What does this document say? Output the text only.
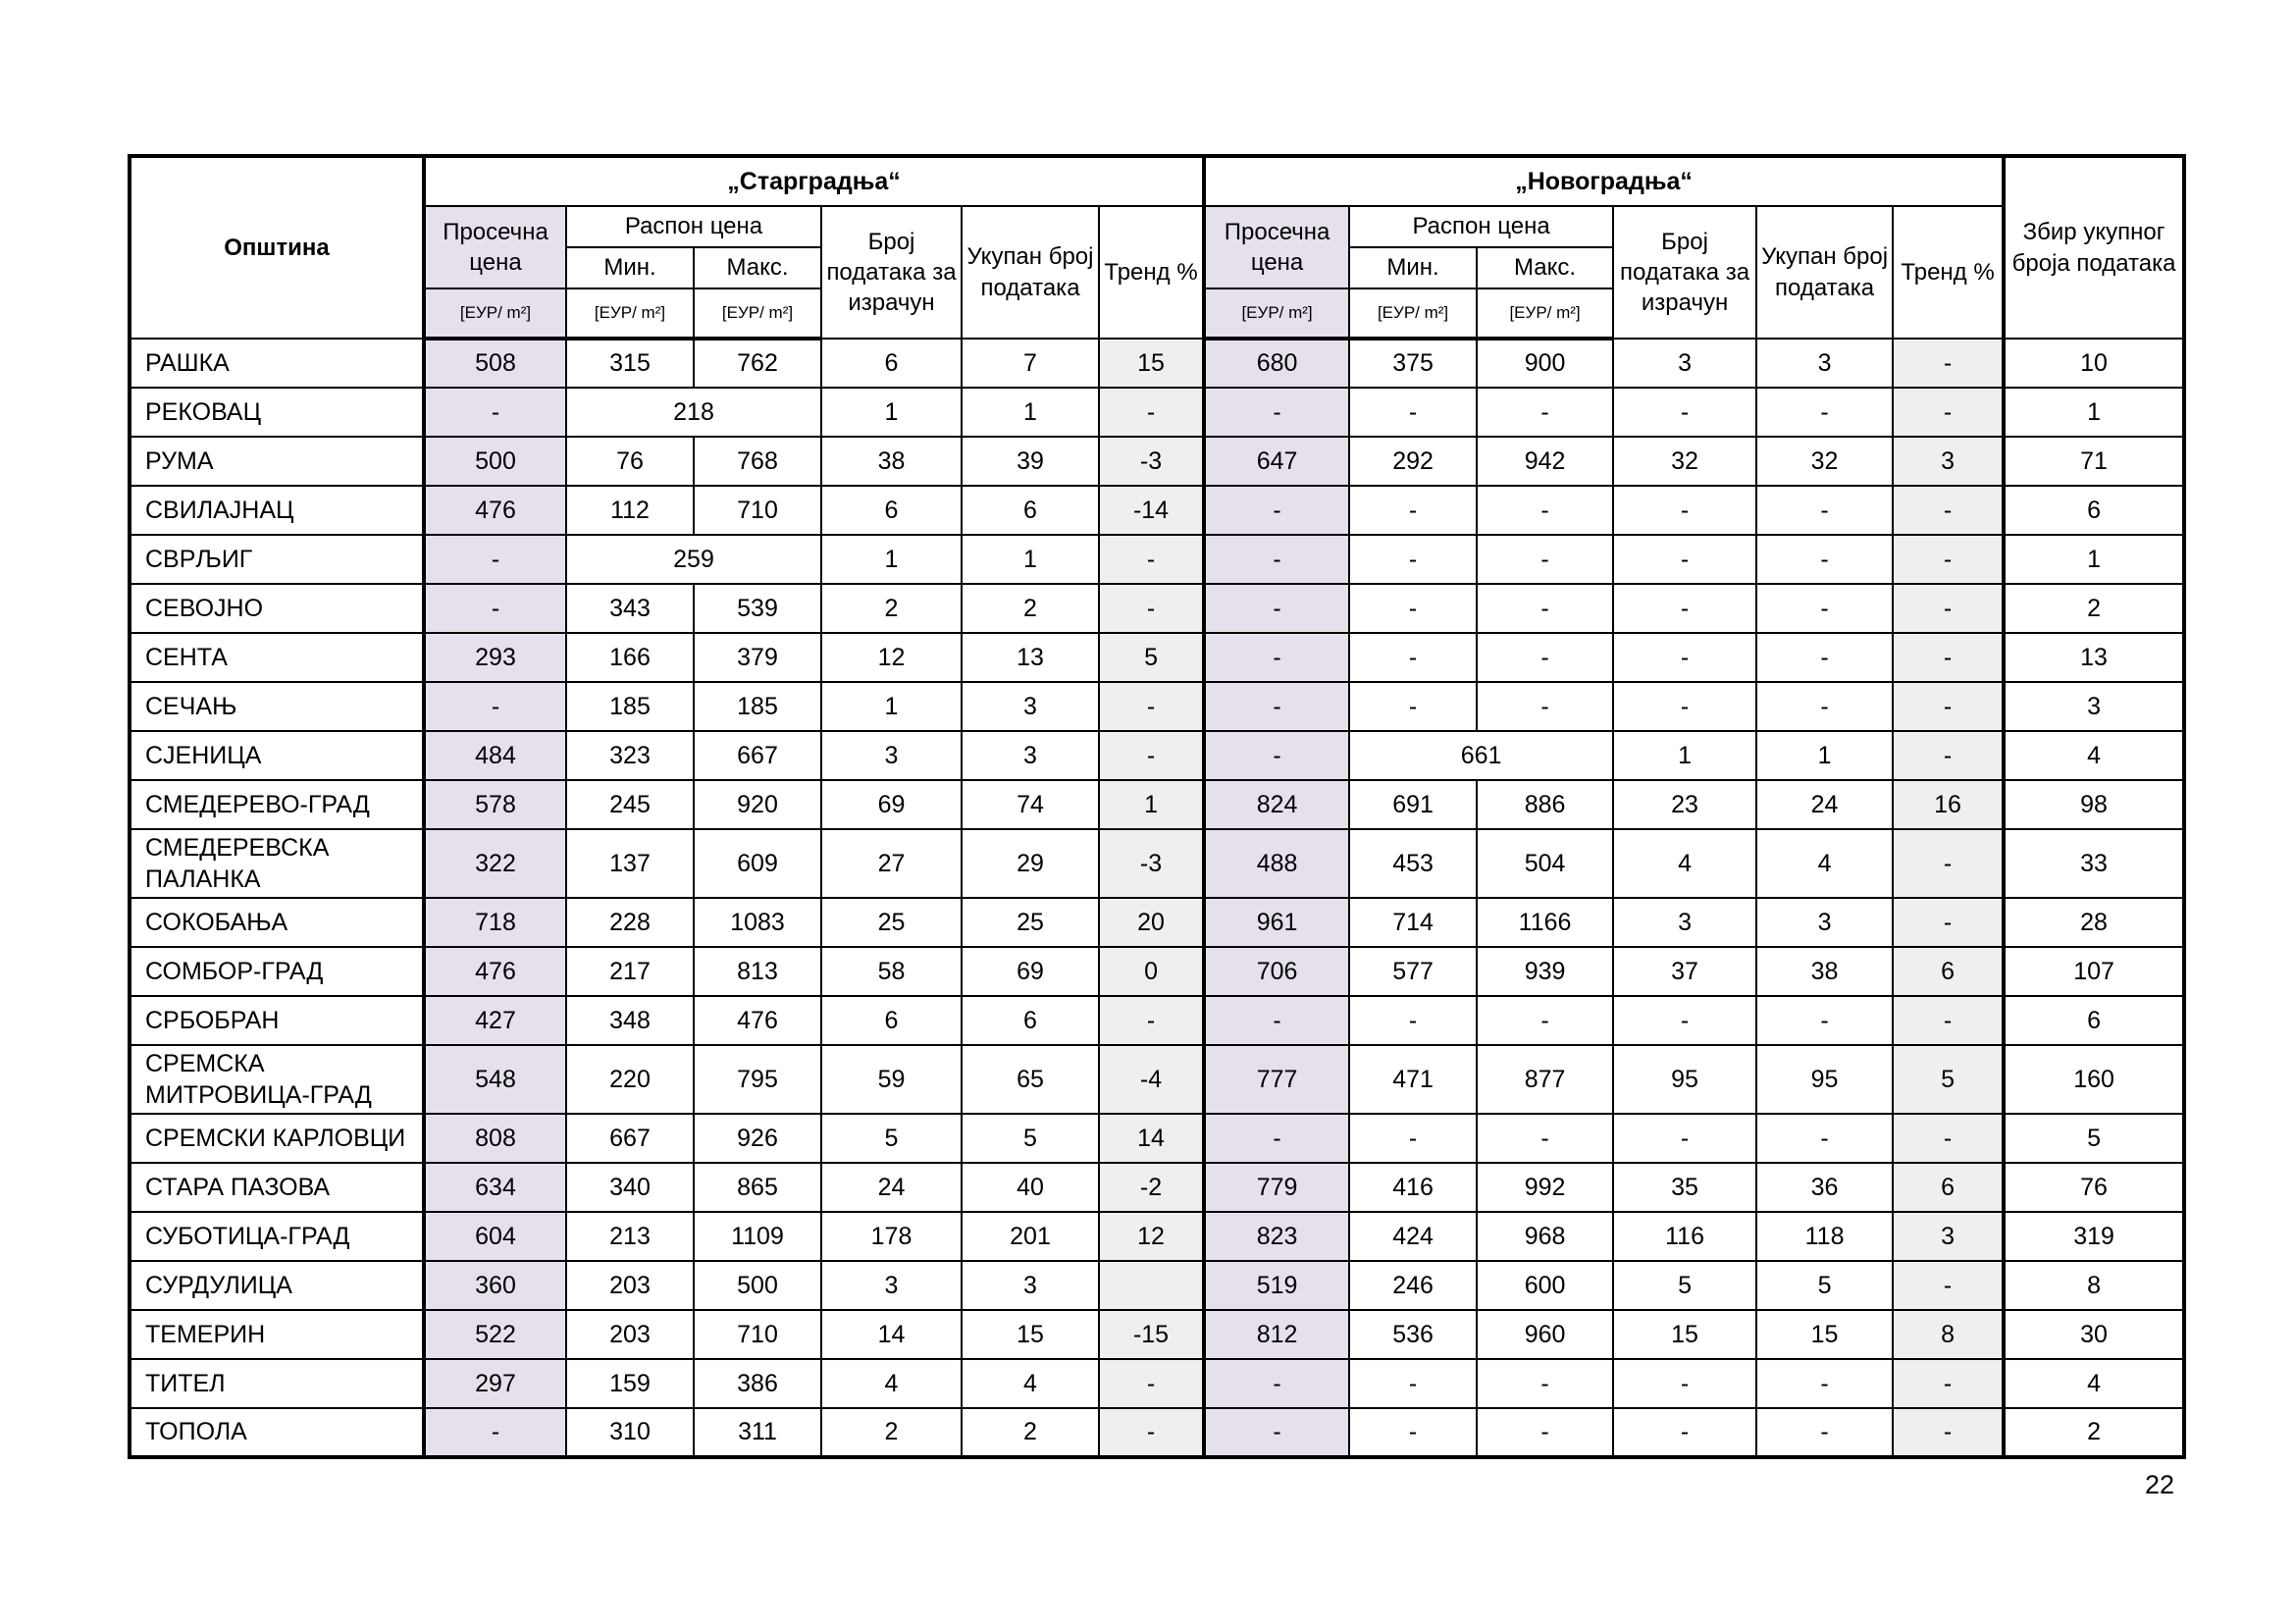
Општина	„Старградња“						„Новоградња“						Збир укупног броја података
	Просечна цена	Распон цена		Број података за израчун	Укупан број података	Тренд %	Просечна цена	Распон цена		Број података за израчун	Укупан број података	Тренд %	
		Мин.	Макс.					Мин.	Макс.				
	[ЕУР/ m²]	[ЕУР/ m²]	[ЕУР/ m²]				[ЕУР/ m²]	[ЕУР/ m²]	[ЕУР/ m²]				
РАШКА	508	315	762	6	7	15	680	375	900	3	3	-	10
РЕКОВАЦ	-	218		1	1	-	-	-	-	-	-	-	1
РУМА	500	76	768	38	39	-3	647	292	942	32	32	3	71
СВИЛАЈНАЦ	476	112	710	6	6	-14	-	-	-	-	-	-	6
СВРЉИГ	-	259		1	1	-	-	-	-	-	-	-	1
СЕВОЈНО	-	343	539	2	2	-	-	-	-	-	-	-	2
СЕНТА	293	166	379	12	13	5	-	-	-	-	-	-	13
СЕЧАЊ	-	185	185	1	3	-	-	-	-	-	-	-	3
СЈЕНИЦА	484	323	667	3	3	-	-	661		1	1	-	4
СМЕДЕРЕВО-ГРАД	578	245	920	69	74	1	824	691	886	23	24	16	98
СМЕДЕРЕВСКА ПАЛАНКА	322	137	609	27	29	-3	488	453	504	4	4	-	33
СОКОБАЊА	718	228	1083	25	25	20	961	714	1166	3	3	-	28
СОМБОР-ГРАД	476	217	813	58	69	0	706	577	939	37	38	6	107
СРБОБРАН	427	348	476	6	6	-	-	-	-	-	-	-	6
СРЕМСКА МИТРОВИЦА-ГРАД	548	220	795	59	65	-4	777	471	877	95	95	5	160
СРЕМСКИ КАРЛОВЦИ	808	667	926	5	5	14	-	-	-	-	-	-	5
СТАРА ПАЗОВА	634	340	865	24	40	-2	779	416	992	35	36	6	76
СУБОТИЦА-ГРАД	604	213	1109	178	201	12	823	424	968	116	118	3	319
СУРДУЛИЦА	360	203	500	3	3		519	246	600	5	5	-	8
ТЕМЕРИН	522	203	710	14	15	-15	812	536	960	15	15	8	30
ТИТЕЛ	297	159	386	4	4	-	-	-	-	-	-	-	4
ТОПОЛА	-	310	311	2	2	-	-	-	-	-	-	-	2
22
